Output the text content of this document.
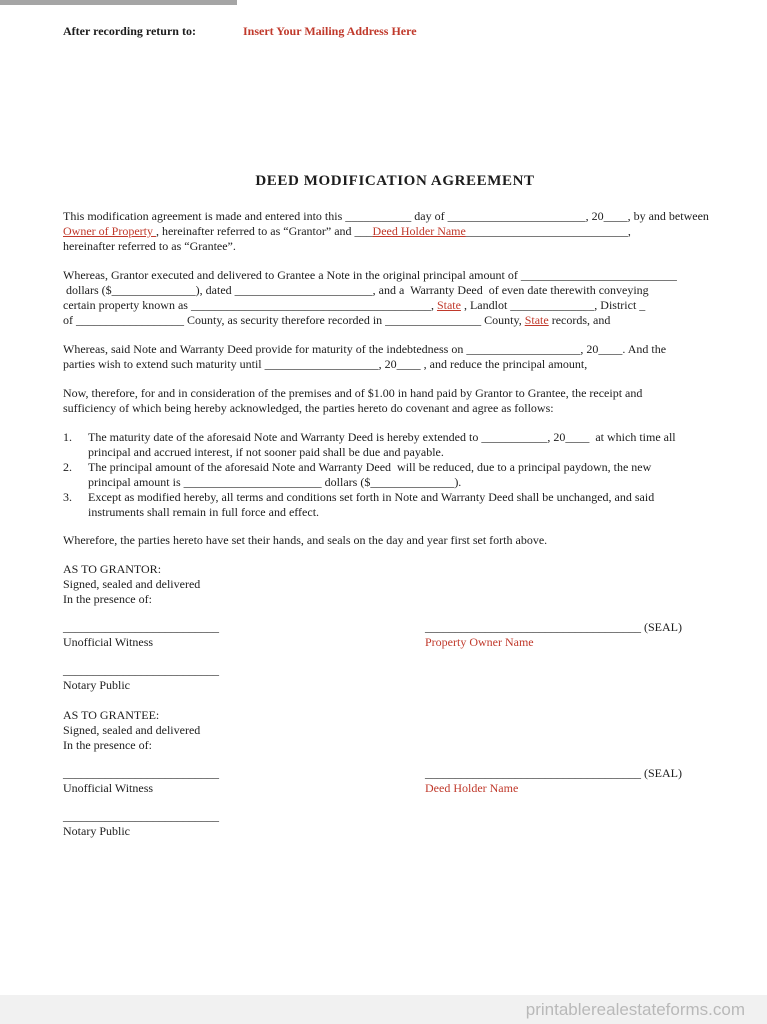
After recording return to:	Insert Your Mailing Address Here
DEED MODIFICATION AGREEMENT
This modification agreement is made and entered into this ___________ day of _______________________, 20____, by and between
Owner of Property , hereinafter referred to as “Grantor” and ___Deed Holder Name___________________________,
hereinafter referred to as “Grantee”.
Whereas, Grantor executed and delivered to Grantee a Note in the original principal amount of __________________________
dollars ($______________), dated _______________________, and a  Warranty Deed  of even date therewith conveying
certain property known as ________________________________________, State , Landlot ______________, District _
of __________________ County, as security therefore recorded in ________________ County, State records, and
Whereas, said Note and Warranty Deed provide for maturity of the indebtedness on ___________________, 20____. And the
parties wish to extend such maturity until ___________________, 20____ , and reduce the principal amount,
Now, therefore, for and in consideration of the premises and of $1.00 in hand paid by Grantor to Grantee, the receipt and
sufficiency of which being hereby acknowledged, the parties hereto do covenant and agree as follows:
1.	The maturity date of the aforesaid Note and Warranty Deed is hereby extended to ___________, 20____  at which time all
principal and accrued interest, if not sooner paid shall be due and payable.
2.	The principal amount of the aforesaid Note and Warranty Deed  will be reduced, due to a principal paydown, the new
principal amount is _______________________ dollars ($______________).
3.	Except as modified hereby, all terms and conditions set forth in Note and Warranty Deed shall be unchanged, and said
instruments shall remain in full force and effect.
Wherefore, the parties hereto have set their hands, and seals on the day and year first set forth above.
AS TO GRANTOR:
Signed, sealed and delivered
In the presence of:
__________________________	____________________________________ (SEAL)
Unofficial Witness	Property Owner Name
__________________________
Notary Public
AS TO GRANTEE:
Signed, sealed and delivered
In the presence of:
__________________________	____________________________________ (SEAL)
Unofficial Witness	Deed Holder Name
__________________________
Notary Public
printablerealestateforms.com
